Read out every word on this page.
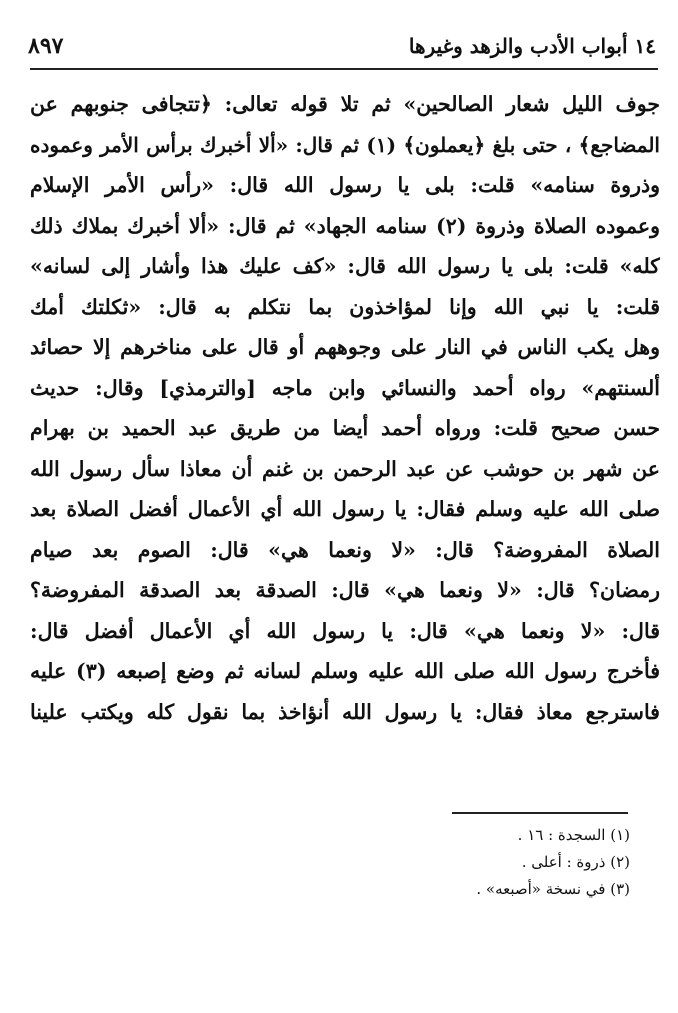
٨٩٧	١٤ أبواب الأدب والزهد وغيرها
جوف الليل شعار الصالحين» ثم تلا قوله تعالى: ﴿تتجافى جنوبهم عن
المضاجع﴾ ، حتى بلغ ﴿يعملون﴾ (١) ثم قال: «ألا أخبرك برأس الأمر وعموده
وذروة سنامه» قلت: بلى يا رسول الله قال: «رأس الأمر الإسلام
وعموده الصلاة وذروة (٢) سنامه الجهاد» ثم قال: «ألا أخبرك بملاك ذلك
كله» قلت: بلى يا رسول الله قال: «كف عليك هذا وأشار إلى لسانه»
قلت: يا نبي الله وإنا لمؤاخذون بما نتكلم به قال: «ثكلتك أمك
وهل يكب الناس في النار على وجوههم أو قال على مناخرهم إلا حصائد
ألسنتهم» رواه أحمد والنسائي وابن ماجه [والترمذي] وقال: حديث
حسن صحيح قلت: ورواه أحمد أيضا من طريق عبد الحميد بن بهرام
عن شهر بن حوشب عن عبد الرحمن بن غنم أن معاذا سأل رسول الله
صلى الله عليه وسلم فقال: يا رسول الله أي الأعمال أفضل الصلاة بعد
الصلاة المفروضة؟ قال: «لا ونعما هي» قال: الصوم بعد صيام
رمضان؟ قال: «لا ونعما هي» قال: الصدقة بعد الصدقة المفروضة؟
قال: «لا ونعما هي» قال: يا رسول الله أي الأعمال أفضل قال:
فأخرج رسول الله صلى الله عليه وسلم لسانه ثم وضع إصبعه (٣) عليه
فاسترجع معاذ فقال: يا رسول الله أنؤاخذ بما نقول كله ويكتب علينا
(١) السجدة : ١٦ .
(٢) ذروة : أعلى .
(٣) في نسخة «أصبعه» .
